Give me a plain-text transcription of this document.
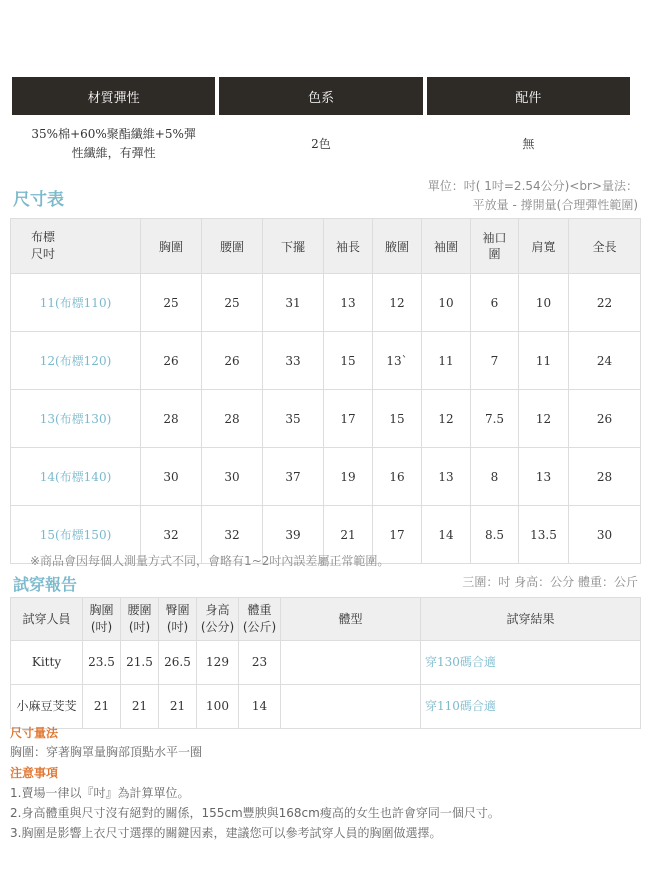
材質彈性	色系	配件

35%棉+60%聚酯纖維+5%彈性纖維，有彈性	2色	無
尺寸表
單位：吋( 1吋=2.54公分)<br>量法：
平放量 - 撐開量(合理彈性範圍)
布標
尺吋	胸圍	腰圍	下擺	袖長	腋圍	袖圍	袖口圍	肩寬	全長
11(布標110)	25	25	31	13	12	10	6	10	22
12(布標120)	26	26	33	15	13`	11	7	11	24
13(布標130)	28	28	35	17	15	12	7.5	12	26
14(布標140)	30	30	37	19	16	13	8	13	28
15(布標150)	32	32	39	21	17	14	8.5	13.5	30
※商品會因每個人測量方式不同，會略有1~2吋內誤差屬正常範圍。
試穿報告	三圍：吋 身高：公分 體重：公斤
試穿人員	胸圍(吋)	腰圍(吋)	臀圍(吋)	身高(公分)	體重(公斤)	體型	試穿結果

Kitty	23.5	21.5	26.5	129	23		穿130碼合適

小麻豆芠芠	21	21	21	100	14		穿110碼合適
尺寸量法
胸圍：穿著胸罩量胸部頂點水平一圈
注意事項
1.賣場一律以『吋』為計算單位。
2.身高體重與尺寸沒有絕對的關係，155cm豐腴與168cm瘦高的女生也許會穿同一個尺寸。
3.胸圍是影響上衣尺寸選擇的關鍵因素，建議您可以參考試穿人員的胸圍做選擇。
